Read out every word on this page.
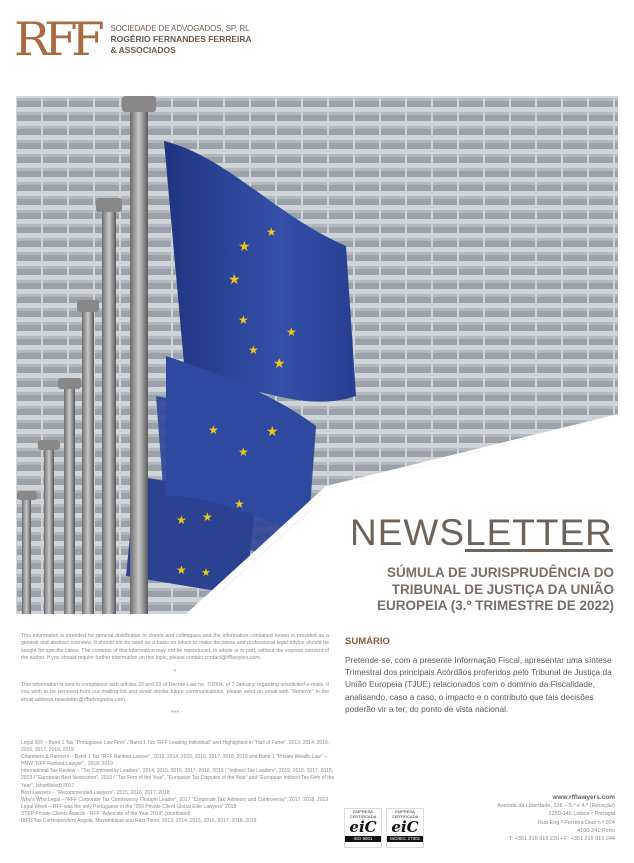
RFF SOCIEDADE DE ADVOGADOS, SP, RL
ROGÉRIO FERNANDES FERREIRA
& ASSOCIADOS
★
★
★
★
★
★
★
★
★
★
★ ★
★
★ ★
NEWSLETTER
SÚMULA DE JURISPRUDÊNCIA DO TRIBUNAL DE JUSTIÇA DA UNIÃO EUROPEIA (3.º TRIMESTRE DE 2022)
This information is intended for general distribution to clients and colleagues and the information contained herein is provided as a general and abstract overview. It should not be used as a basis on which to make decisions and professional legal advice should be sought for specific cases. The contents of this information may not be reproduced, in whole or in part, without the express consent of the author. If you should require further information on this topic, please contact contact@rfflawyers.com.
*
This information is sent in compliance with articles 22 and 23 of Decree-Law no. 7/2004, of 7 January, regarding unsolicited e-mails. If you wish to be removed from our mailing list and avoid similar future communications, please send an email with "Remove" to the email address newsletter@rffadvogados.com.
***
SUMÁRIO
Pretende-se, com a presente Informação Fiscal, apresentar uma síntese Trimestral dos principais Acórdãos proferidos pelo Tribunal de Justiça da União Europeia (TJUE) relacionados com o domínio da Fiscalidade, analisando, caso a caso, o impacto e o contributo que tais decisões poderão vir a ter, do ponto de vista nacional.
Legal 500 – Band 1 Tax "Portuguese Law Firm" / Band 1 Tax "RFF Leading Individual" and Highlighted in "Hall of Fame", 2013, 2014, 2015, 2016, 2017, 2018, 2019
Chambers & Partners – Band 1 Tax "RFF Ranked Lawyer", 2013, 2014, 2015, 2016, 2017, 2018, 2019 and Band 1 "Private Wealth Law" – HNW "RFF Ranked Lawyer" , 2018, 2019
International Tax Review – "Tax Controversy Leaders", 2014, 2015, 2016, 2017, 2018, 2019 / "Indirect Tax Leaders", 2015, 2016, 2017, 2018, 2019 / "European Best Newcomer", 2016 / "Tax Firm of the Year", "European Tax Disputes of the Year" and "European Indirect Tax Firm of the Year", (shortlisted) 2017
Best Lawyers – "Recommended Lawyers", 2015, 2016, 2017, 2018
Who's Who Legal – "RFF Corporate Tax Controversy Thought Leader", 2017 "Corporate Tax: Advisory and Controversy", 2017, 2018, 2019
Legal Week – RFF was the only Portuguese in the "250 Private Client Global Elite Lawyers" 2018
STEP Private Clients Awards - RFF "Advocate of the Year 2019" (shortlisted)
IBFD Tax Correspondent Angola, Mozambique and East-Timor, 2013, 2014, 2015, 2016, 2017, 2018, 2019
EMPRESA CERTIFICADA
eiC
ISO 9001
EMPRESA CERTIFICADA
eiC
ISO/IEC 27001
www.rfflawyers.com
Avenida da Liberdade, 136 – 5.º e 4.º (Receção)
1250-146 Lisboa • Portugal
Rua Eng.º Ferreira Dias n.º 924
4100-241 Porto
T: +351 215 915 220 • F: +351 215 915 244
